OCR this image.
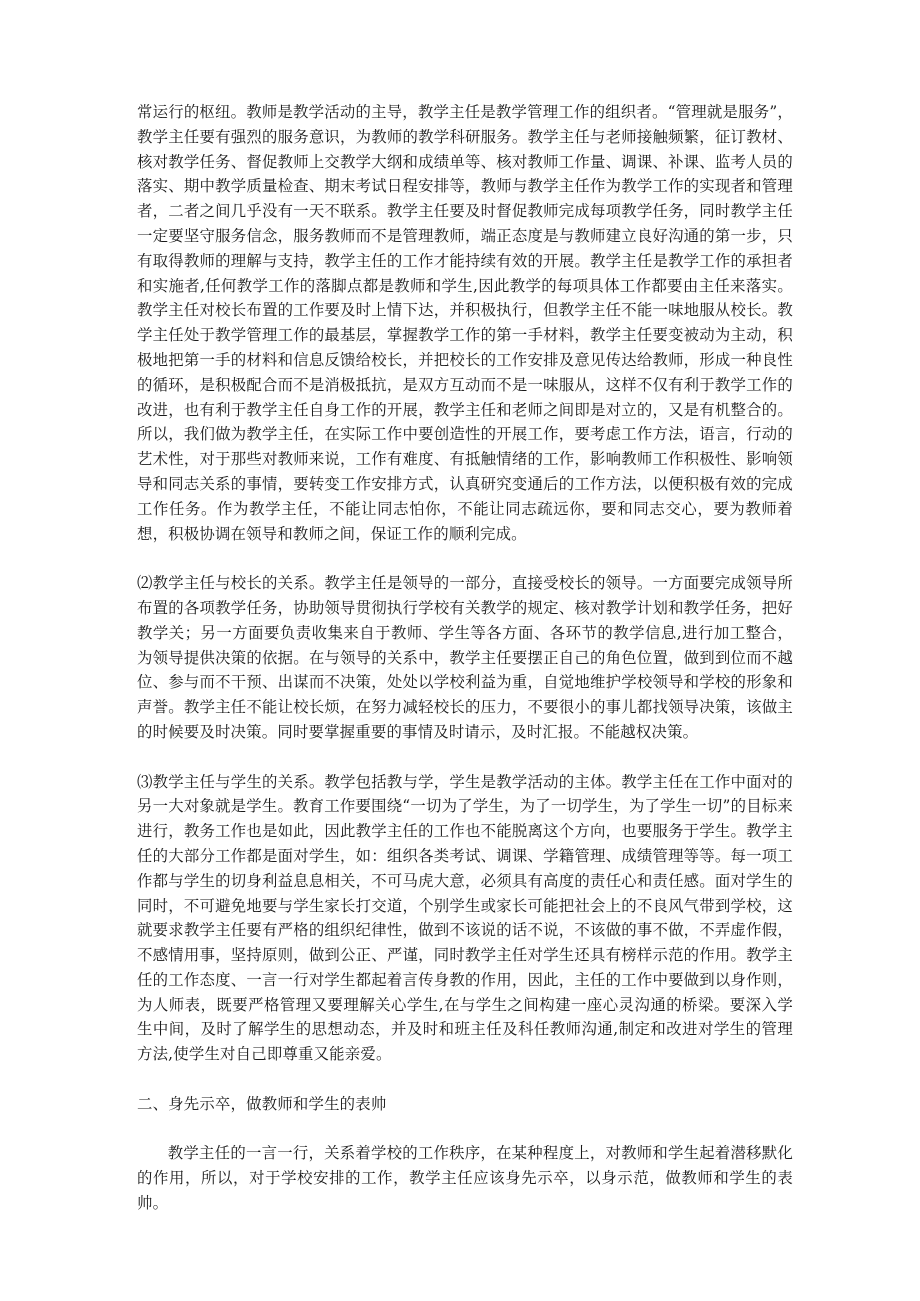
常运行的枢纽。教师是教学活动的主导，教学主任是教学管理工作的组织者。“管理就是服务”，教学主任要有强烈的服务意识，为教师的教学科研服务。教学主任与老师接触频繁，征订教材、核对教学任务、督促教师上交教学大纲和成绩单等、核对教师工作量、调课、补课、监考人员的落实、期中教学质量检查、期末考试日程安排等，教师与教学主任作为教学工作的实现者和管理者，二者之间几乎没有一天不联系。教学主任要及时督促教师完成每项教学任务，同时教学主任一定要坚守服务信念，服务教师而不是管理教师，端正态度是与教师建立良好沟通的第一步，只有取得教师的理解与支持，教学主任的工作才能持续有效的开展。教学主任是教学工作的承担者和实施者,任何教学工作的落脚点都是教师和学生,因此教学的每项具体工作都要由主任来落实。教学主任对校长布置的工作要及时上情下达，并积极执行，但教学主任不能一味地服从校长。教学主任处于教学管理工作的最基层，掌握教学工作的第一手材料，教学主任要变被动为主动，积极地把第一手的材料和信息反馈给校长，并把校长的工作安排及意见传达给教师，形成一种良性的循环，是积极配合而不是消极抵抗，是双方互动而不是一味服从，这样不仅有利于教学工作的改进，也有利于教学主任自身工作的开展，教学主任和老师之间即是对立的，又是有机整合的。所以，我们做为教学主任，在实际工作中要创造性的开展工作，要考虑工作方法，语言，行动的艺术性，对于那些对教师来说，工作有难度、有抵触情绪的工作，影响教师工作积极性、影响领导和同志关系的事情，要转变工作安排方式，认真研究变通后的工作方法，以便积极有效的完成工作任务。作为教学主任，不能让同志怕你，不能让同志疏远你，要和同志交心，要为教师着想，积极协调在领导和教师之间，保证工作的顺利完成。

⑵教学主任与校长的关系。教学主任是领导的一部分，直接受校长的领导。一方面要完成领导所布置的各项教学任务，协助领导贯彻执行学校有关教学的规定、核对教学计划和教学任务，把好教学关；另一方面要负责收集来自于教师、学生等各方面、各环节的教学信息,进行加工整合，为领导提供决策的依据。在与领导的关系中，教学主任要摆正自己的角色位置，做到到位而不越位、参与而不干预、出谋而不决策，处处以学校利益为重，自觉地维护学校领导和学校的形象和声誉。教学主任不能让校长烦，在努力减轻校长的压力，不要很小的事儿都找领导决策，该做主的时候要及时决策。同时要掌握重要的事情及时请示，及时汇报。不能越权决策。

⑶教学主任与学生的关系。教学包括教与学，学生是教学活动的主体。教学主任在工作中面对的另一大对象就是学生。教育工作要围绕“一切为了学生，为了一切学生，为了学生一切”的目标来进行，教务工作也是如此，因此教学主任的工作也不能脱离这个方向，也要服务于学生。教学主任的大部分工作都是面对学生，如：组织各类考试、调课、学籍管理、成绩管理等等。每一项工作都与学生的切身利益息息相关，不可马虎大意，必须具有高度的责任心和责任感。面对学生的同时，不可避免地要与学生家长打交道，个别学生或家长可能把社会上的不良风气带到学校，这就要求教学主任要有严格的组织纪律性，做到不该说的话不说，不该做的事不做，不弄虚作假，不感情用事，坚持原则，做到公正、严谨，同时教学主任对学生还具有榜样示范的作用。教学主任的工作态度、一言一行对学生都起着言传身教的作用，因此，主任的工作中要做到以身作则，为人师表，既要严格管理又要理解关心学生,在与学生之间构建一座心灵沟通的桥梁。要深入学生中间，及时了解学生的思想动态，并及时和班主任及科任教师沟通,制定和改进对学生的管理方法,使学生对自己即尊重又能亲爱。

二、身先示卒，做教师和学生的表帅

教学主任的一言一行，关系着学校的工作秩序，在某种程度上，对教师和学生起着潜移默化的作用，所以，对于学校安排的工作，教学主任应该身先示卒，以身示范，做教师和学生的表帅。
